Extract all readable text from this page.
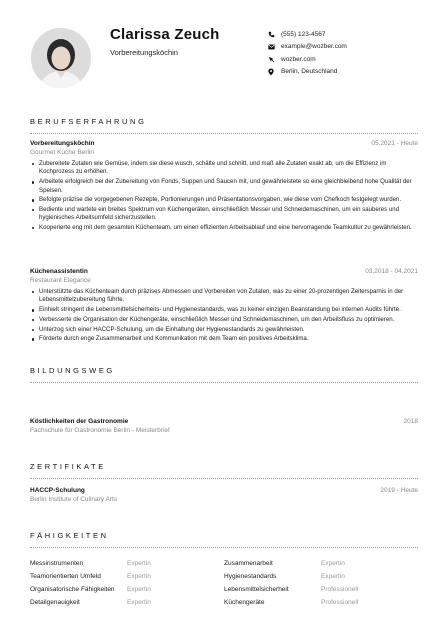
Clarissa Zeuch
Vorbereitungsköchin
(555) 123-4567
example@wozber.com
wozber.com
Berlin, Deutschland
BERUFSERFAHRUNG
Vorbereitungsköchin	05.2021 - Heute
Gourmet Küche Berlin
Zubereitete Zutaten wie Gemüse, indem sie diese wusch, schälte und schnitt, und maß alle Zutaten exakt ab, um die Effizienz im Kochprozess zu erhöhen.
Arbeitete erfolgreich bei der Zubereitung von Fonds, Suppen und Saucen mit, und gewährleistete so eine gleichbleibend hohe Qualität der Speisen.
Befolgte präzise die vorgegebenen Rezepte, Portionierungen und Präsentationsvorgaben, wie diese vom Chefkoch festgelegt wurden.
Bediente und wartete ein breites Spektrum von Küchengeräten, einschließlich Messer und Schneidemaschinen, um ein sauberes und hygienisches Arbeitsumfeld sicherzustellen.
Kooperierte eng mit dem gesamten Küchenteam, um einen effizienten Arbeitsablauf und eine hervorragende Teamkultur zu gewährleisten.
Küchenassistentin	03.2018 - 04.2021
Restaurant Elegance
Unterstützte das Küchenteam durch präzises Abmessen und Vorbereiten von Zutaten, was zu einer 20-prozentigen Zeitersparnis in der Lebensmittelzubereitung führte.
Einhielt stringent die Lebensmittelsicherheits- und Hygienestandards, was zu keiner einzigen Beanstandung bei internen Audits führte.
Verbesserte die Organisation der Küchengeräte, einschließlich Messer und Schneidemaschinen, um den Arbeitsfluss zu optimieren.
Unterzog sich einer HACCP-Schulung, um die Einhaltung der Hygienestandards zu gewährleisten.
Förderte durch enge Zusammenarbeit und Kommunikation mit dem Team ein positives Arbeitsklima.
BILDUNGSWEG
Köstlichkeiten der Gastronomie	2018
Fachschule für Gastronomie Berlin - Meisterbrief
ZERTIFIKATE
HACCP-Schulung	2019 - Heute
Berlin Institute of Culinary Arts
FÄHIGKEITEN
Messinstrumenten	Expertin	Zusammenarbeit	Expertin
Teamorientierten Umfeld	Expertin	Hygienestandards	Expertin
Organisatorische Fähigkeiten	Expertin	Lebensmittelsicherheit	Professionell
Detailgenauigkeit	Expertin	Küchengeräte	Professionell
